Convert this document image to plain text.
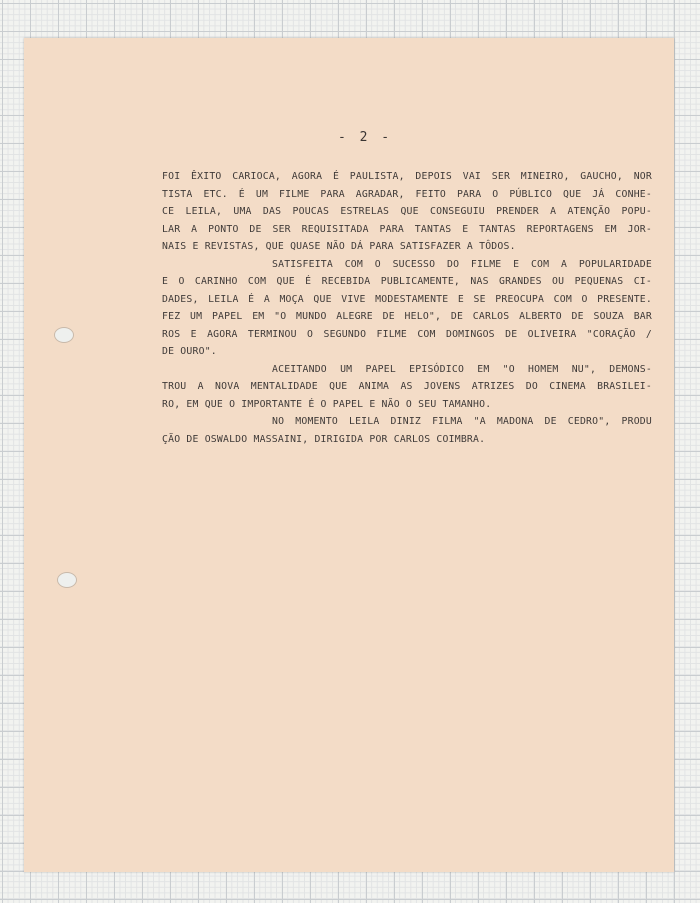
- 2 -

FOI ÊXITO CARIOCA, AGORA É PAULISTA, DEPOIS VAI SER MINEIRO, GAUCHO, NOR
TISTA ETC. É UM FILME PARA AGRADAR, FEITO PARA O PÚBLICO QUE JÁ CONHE-
CE LEILA, UMA DAS POUCAS ESTRELAS QUE CONSEGUIU PRENDER A ATENÇÃO POPU-
LAR A PONTO DE SER REQUISITADA PARA TANTAS E TANTAS REPORTAGENS EM JOR-
NAIS E REVISTAS, QUE QUASE NÃO DÁ PARA SATISFAZER A TÔDOS.
SATISFEITA COM O SUCESSO DO FILME E COM A POPULARIDADE
E O CARINHO COM QUE É RECEBIDA PUBLICAMENTE, NAS GRANDES OU PEQUENAS CI-
DADES, LEILA É A MOÇA QUE VIVE MODESTAMENTE E SE PREOCUPA COM O PRESENTE.
FEZ UM PAPEL EM "O MUNDO ALEGRE DE HELO", DE CARLOS ALBERTO DE SOUZA BAR
ROS E AGORA TERMINOU O SEGUNDO FILME COM DOMINGOS DE OLIVEIRA "CORAÇÃO /
DE OURO".
ACEITANDO UM PAPEL EPISÓDICO EM "O HOMEM NU", DEMONS-
TROU A NOVA MENTALIDADE QUE ANIMA AS JOVENS ATRIZES DO CINEMA BRASILEI-
RO, EM QUE O IMPORTANTE É O PAPEL E NÃO O SEU TAMANHO.
NO MOMENTO LEILA DINIZ FILMA "A MADONA DE CEDRO", PRODU
ÇÃO DE OSWALDO MASSAINI, DIRIGIDA POR CARLOS COIMBRA.
